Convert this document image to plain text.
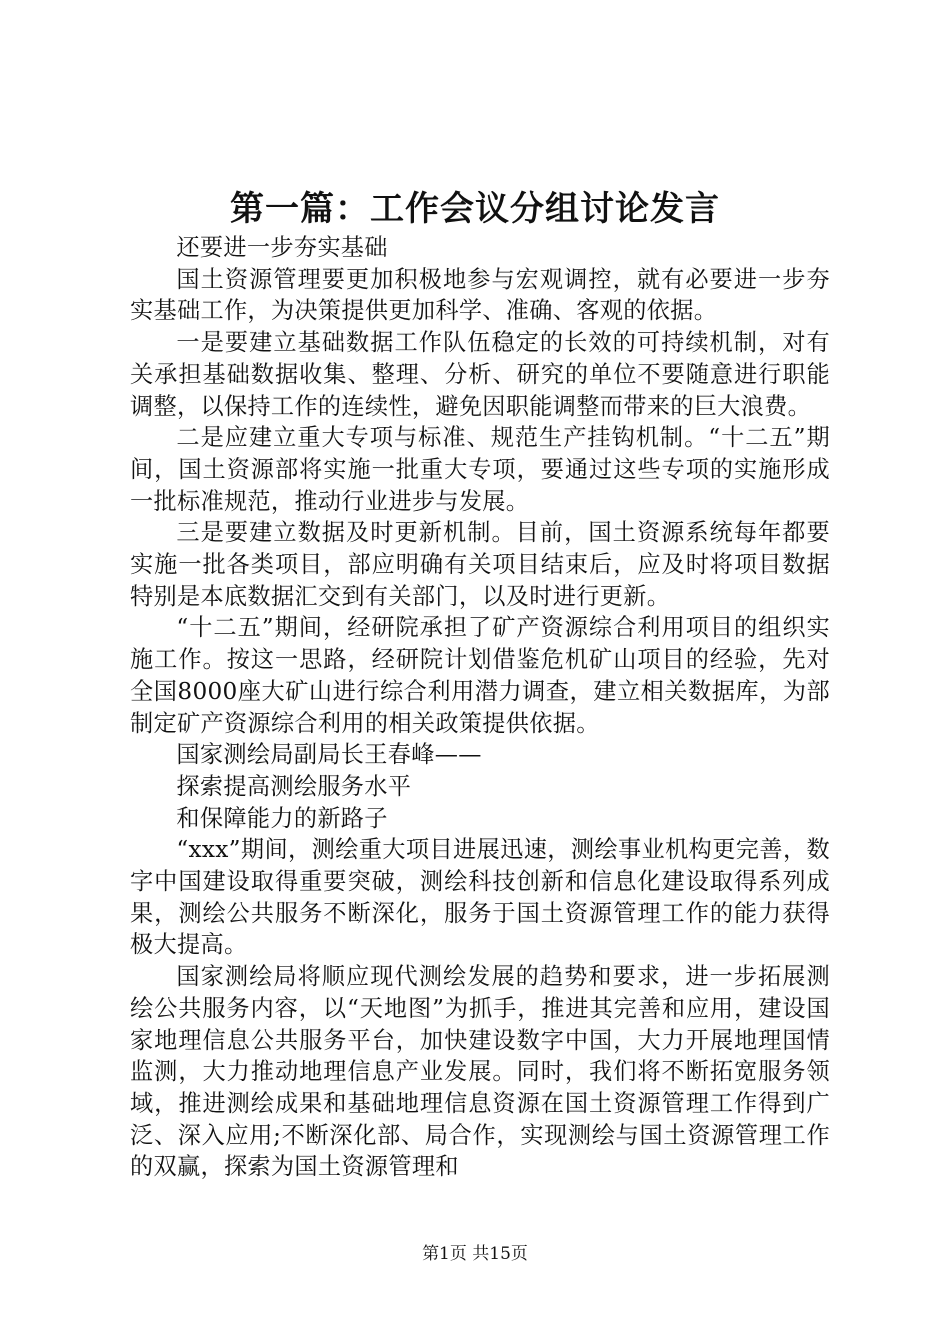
第一篇：工作会议分组讨论发言

还要进一步夯实基础

国土资源管理要更加积极地参与宏观调控，就有必要进一步夯实基础工作，为决策提供更加科学、准确、客观的依据。

一是要建立基础数据工作队伍稳定的长效的可持续机制，对有关承担基础数据收集、整理、分析、研究的单位不要随意进行职能调整，以保持工作的连续性，避免因职能调整而带来的巨大浪费。

二是应建立重大专项与标准、规范生产挂钩机制。“十二五”期间，国土资源部将实施一批重大专项，要通过这些专项的实施形成一批标准规范，推动行业进步与发展。

三是要建立数据及时更新机制。目前，国土资源系统每年都要实施一批各类项目，部应明确有关项目结束后，应及时将项目数据特别是本底数据汇交到有关部门，以及时进行更新。

“十二五”期间，经研院承担了矿产资源综合利用项目的组织实施工作。按这一思路，经研院计划借鉴危机矿山项目的经验，先对全国8000座大矿山进行综合利用潜力调查，建立相关数据库，为部制定矿产资源综合利用的相关政策提供依据。

国家测绘局副局长王春峰——

探索提高测绘服务水平

和保障能力的新路子

“xxx”期间，测绘重大项目进展迅速，测绘事业机构更完善，数字中国建设取得重要突破，测绘科技创新和信息化建设取得系列成果，测绘公共服务不断深化，服务于国土资源管理工作的能力获得极大提高。

国家测绘局将顺应现代测绘发展的趋势和要求，进一步拓展测绘公共服务内容，以“天地图”为抓手，推进其完善和应用，建设国家地理信息公共服务平台，加快建设数字中国，大力开展地理国情监测，大力推动地理信息产业发展。同时，我们将不断拓宽服务领域，推进测绘成果和基础地理信息资源在国土资源管理工作得到广泛、深入应用;不断深化部、局合作，实现测绘与国土资源管理工作的双赢，探索为国土资源管理和

第1页 共15页
